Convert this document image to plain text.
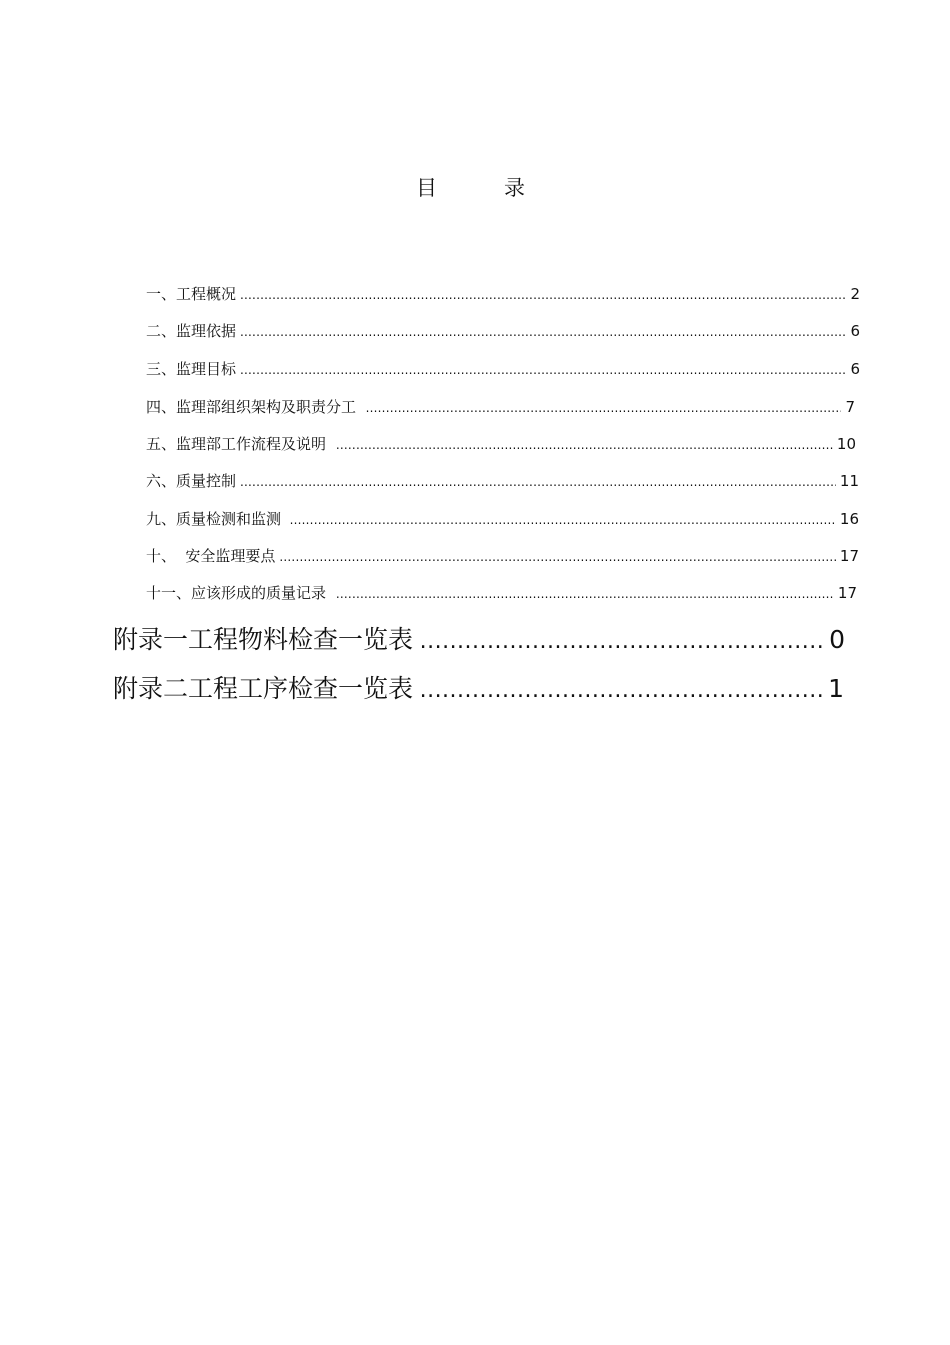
目	录
一、工程概况 .....	2
二、监理依据 .....	6
三、监理目标 .....	6
四、监理部组织架构及职责分工 .....	7
五、监理部工作流程及说明 .....	10
六、质量控制 .....	11
九、质量检测和监测 .....	16
十、 安全监理要点 .....	17
十一、应该形成的质量记录 .....	17
附录一 工程物料检查一览表 .....	0
附录二 工程工序检查一览表 .....	1
